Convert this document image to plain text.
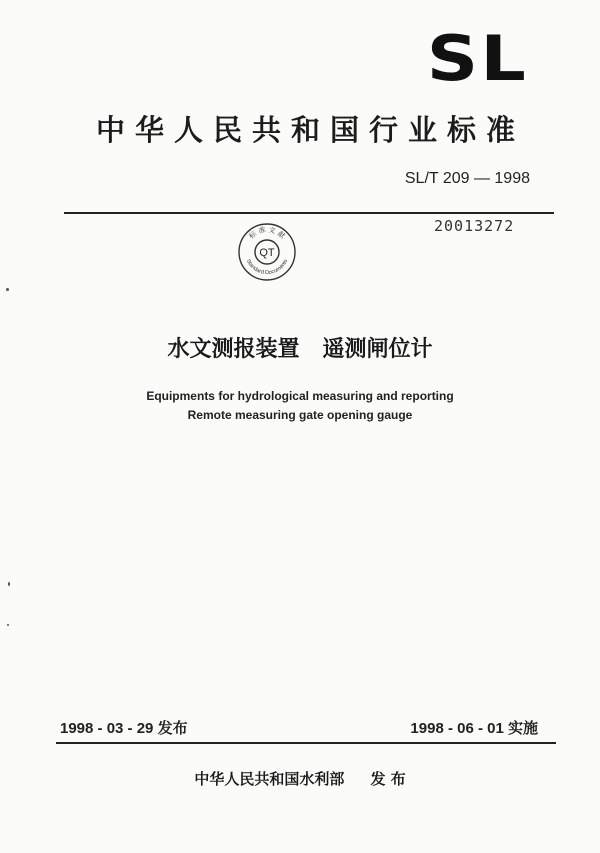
SL
中华人民共和国行业标准
SL/T 209 — 1998
20013272
标 准 文 献
Standard Documents
QT
水文测报装置   遥测闸位计
Equipments for hydrological measuring and reporting
Remote measuring gate opening gauge
1998 - 03 - 29 发布	1998 - 06 - 01 实施
中华人民共和国水利部     发 布
